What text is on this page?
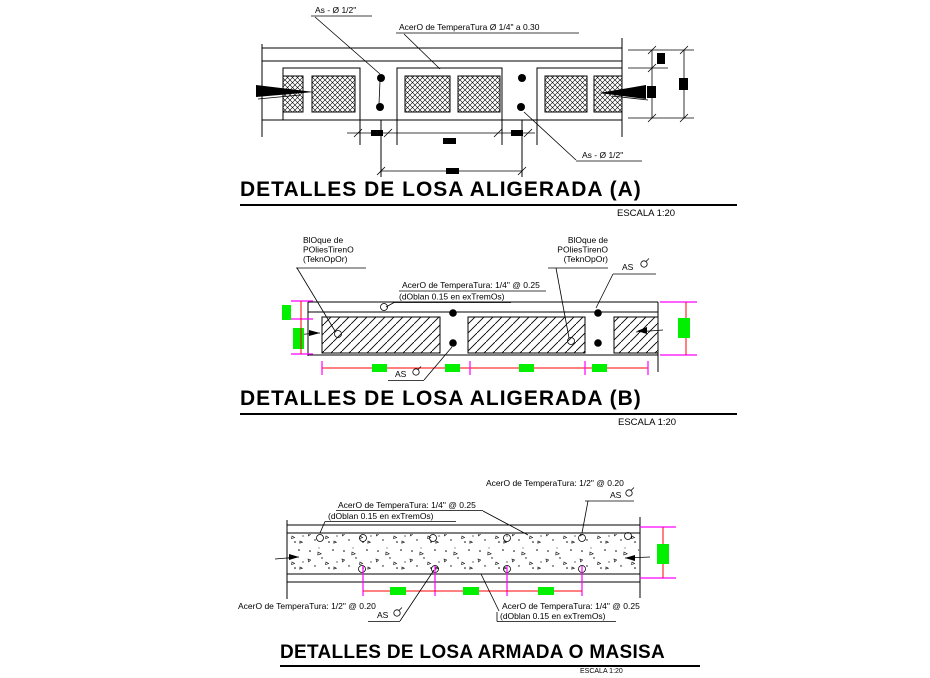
As - Ø 1/2"
AcerO de TemperaTura Ø 1/4" a 0.30
As - Ø 1/2"
BlOque de
POliesTirenO
(TeknOpOr)
BlOque de
POliesTirenO
(TeknOpOr)
AS
AcerO de TemperaTura: 1/4" @ 0.25
(dOblan 0.15 en exTremOs)
AS
AcerO de TemperaTura: 1/2" @ 0.20
AS
AcerO de TemperaTura: 1/4" @ 0.25
(dOblan 0.15 en exTremOs)
AcerO de TemperaTura: 1/2" @ 0.20
AS
AcerO de TemperaTura: 1/4" @ 0.25
(dOblan 0.15 en exTremOs)
DETALLES DE LOSA ALIGERADA (A)
ESCALA 1:20
DETALLES DE LOSA ALIGERADA (B)
ESCALA 1:20
DETALLES DE LOSA ARMADA O MASISA
ESCALA 1:20
